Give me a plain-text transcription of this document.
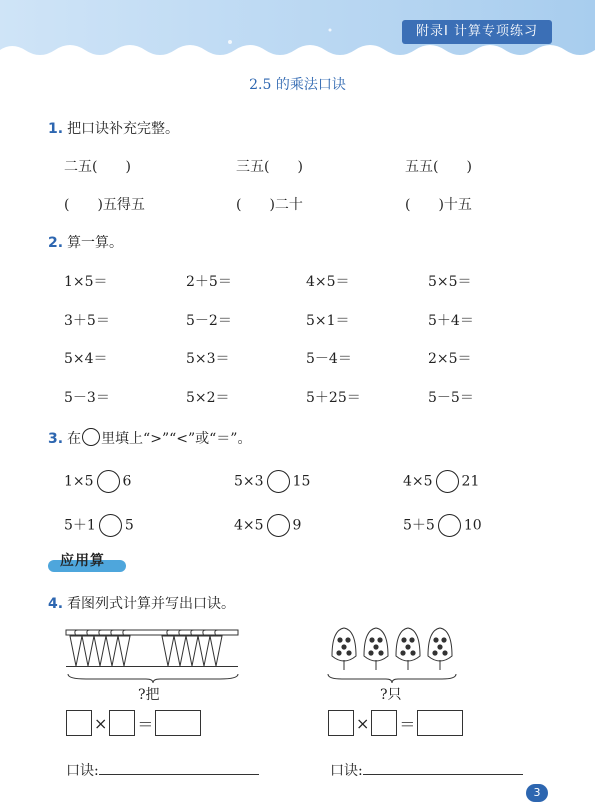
附录Ⅰ 计算专项练习
2.5 的乘法口诀
1. 把口诀补充完整。
二五(　　)	三五(　　)	五五(　　)
(　　)五得五	(　　)二十	(　　)十五
2. 算一算。
1×5＝	2＋5＝	4×5＝	5×5＝
3＋5＝	5－2＝	5×1＝	5＋4＝
5×4＝	5×3＝	5－4＝	2×5＝
5－3＝	5×2＝	5＋25＝	5－5＝
3. 在 里填上“>”“<”或“＝”。
1×5 6	5×3 15	4×5 21
5＋1 5	4×5 9	5＋5 10
应用算
4. 看图列式计算并写出口诀。
?把	?只
× ＝	× ＝
口诀:	口诀:
3
